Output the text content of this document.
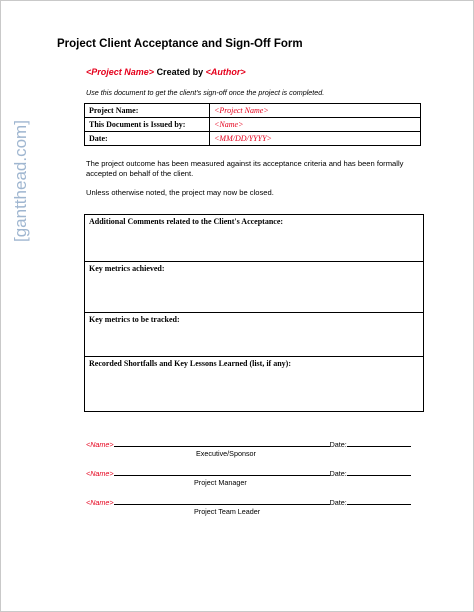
[gantthead.com]
Project Client Acceptance and Sign-Off Form
<Project Name> Created by <Author>
Use this document to get the client's sign-off once the project is completed.
Project Name:	<Project Name>
This Document is Issued by:	<Name>
Date:	<MM/DD/YYYY>
The project outcome has been measured against its acceptance criteria and has been formally accepted on behalf of the client.
Unless otherwise noted, the project may now be closed.
Additional Comments related to the Client's Acceptance:
Key metrics achieved:
Key metrics to be tracked:
Recorded Shortfalls and Key Lessons Learned (list, if any):
<Name>	Date:
Executive/Sponsor
<Name>	Date:
Project Manager
<Name>	Date:
Project Team Leader
